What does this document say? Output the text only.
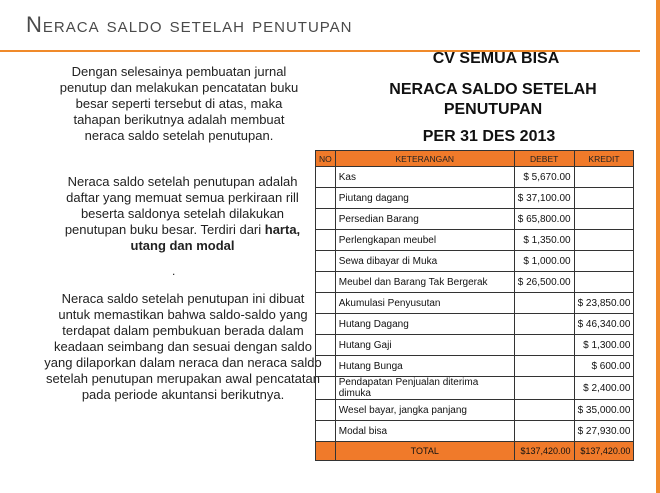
Neraca saldo setelah penutupan
Dengan selesainya pembuatan jurnal penutup dan melakukan pencatatan buku besar seperti tersebut di atas, maka tahapan berikutnya adalah membuat neraca saldo setelah penutupan.
Neraca saldo setelah penutupan adalah daftar yang memuat semua perkiraan rill beserta saldonya setelah dilakukan penutupan buku besar. Terdiri dari harta, utang dan modal
.
Neraca saldo setelah penutupan ini dibuat untuk memastikan bahwa saldo-saldo yang terdapat dalam pembukuan berada dalam keadaan seimbang dan sesuai dengan saldo yang dilaporkan dalam neraca dan neraca saldo setelah penutupan merupakan awal pencatatan pada periode akuntansi berikutnya.
CV SEMUA BISA
NERACA SALDO SETELAH PENUTUPAN
PER 31 DES 2013
NO	KETERANGAN	DEBET	KREDIT
	Kas	$ 5,670.00	
	Piutang dagang	$ 37,100.00	
	Persedian Barang	$ 65,800.00	
	Perlengkapan meubel	$ 1,350.00	
	Sewa dibayar di Muka	$ 1,000.00	
	Meubel dan Barang Tak Bergerak	$ 26,500.00	
	Akumulasi Penyusutan		$ 23,850.00
	Hutang Dagang		$ 46,340.00
	Hutang Gaji		$ 1,300.00
	Hutang Bunga		$ 600.00
	Pendapatan Penjualan diterima dimuka		$ 2,400.00
	Wesel bayar, jangka panjang		$ 35,000.00
	Modal bisa		$ 27,930.00
	TOTAL	$137,420.00	$137,420.00
